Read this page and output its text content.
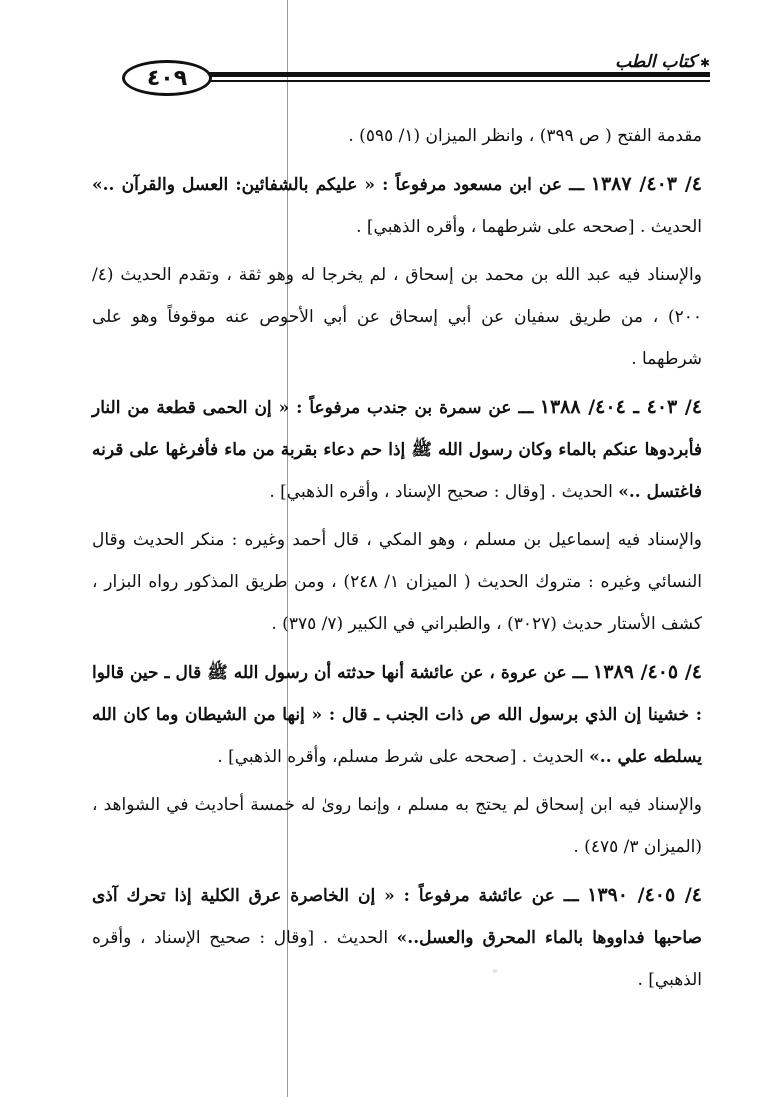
٤٠٩
كتاب الطب ✱

مقدمة الفتح ( ص ٣٩٩) ، وانظر الميزان (١/ ٥٩٥) .

٤/ ٤٠٣/ ١٣٨٧ ـــ عن ابن مسعود مرفوعاً : « عليكم بالشفائين: العسل والقرآن ..» الحديث . [صححه على شرطهما ، وأقره الذهبي] .

والإسناد فيه عبد الله بن محمد بن إسحاق ، لم يخرجا له وهو ثقة ، وتقدم الحديث (٤/ ٢٠٠) ، من طريق سفيان عن أبي إسحاق عن أبي الأحوص عنه موقوفاً وهو على شرطهما .

٤/ ٤٠٣ ـ ٤٠٤/ ١٣٨٨ ـــ عن سمرة بن جندب مرفوعاً : « إن الحمى قطعة من النار فأبردوها عنكم بالماء وكان رسول الله ﷺ إذا حم دعاء بقربة من ماء فأفرغها على قرنه فاغتسل ..» الحديث . [وقال : صحيح الإسناد ، وأقره الذهبي] .

والإسناد فيه إسماعيل بن مسلم ، وهو المكي ، قال أحمد وغيره : منكر الحديث وقال النسائي وغيره : متروك الحديث ( الميزان ١/ ٢٤٨) ، ومن طريق المذكور رواه البزار ، كشف الأستار حديث (٣٠٢٧) ، والطبراني في الكبير (٧/ ٣٧٥) .

٤/ ٤٠٥/ ١٣٨٩ ـــ عن عروة ، عن عائشة أنها حدثته أن رسول الله ﷺ قال ـ حين قالوا : خشينا إن الذي برسول الله ص ذات الجنب ـ قال : « إنها من الشيطان وما كان الله يسلطه علي ..» الحديث . [صححه على شرط مسلم، وأقره الذهبي] .

والإسناد فيه ابن إسحاق لم يحتج به مسلم ، وإنما روىٰ له خمسة أحاديث في الشواهد ، (الميزان ٣/ ٤٧٥) .

٤/ ٤٠٥/ ١٣٩٠ ـــ عن عائشة مرفوعاً : « إن الخاصرة عرق الكلية إذا تحرك آذى صاحبها فداووها بالماء المحرق والعسل..» الحديث . [وقال : صحيح الإسناد ، وأقره الذهبي] .
